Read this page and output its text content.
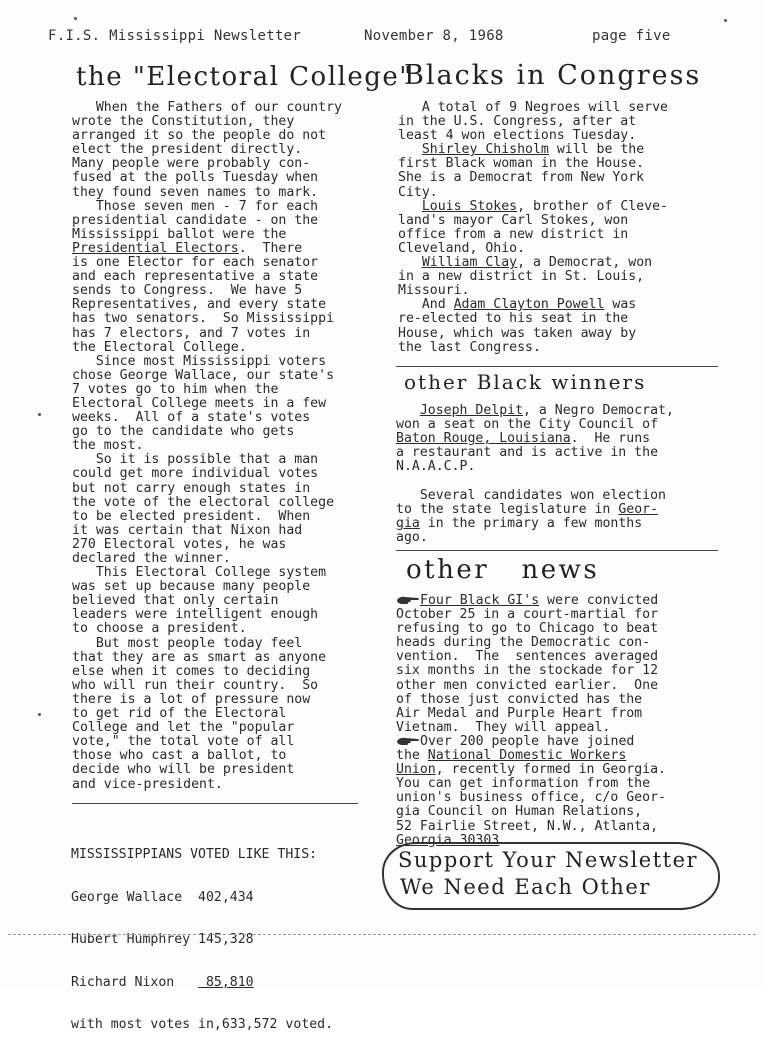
F.I.S. Mississippi Newsletter	November 8, 1968	page five
the "Electoral College"
When the Fathers of our country
wrote the Constitution, they
arranged it so the people do not
elect the president directly.
Many people were probably con-
fused at the polls Tuesday when
they found seven names to mark.
Those seven men - 7 for each
presidential candidate - on the
Mississippi ballot were the
Presidential Electors.  There
is one Elector for each senator
and each representative a state
sends to Congress.  We have 5
Representatives, and every state
has two senators.  So Mississippi
has 7 electors, and 7 votes in
the Electoral College.
Since most Mississippi voters
chose George Wallace, our state's
7 votes go to him when the
Electoral College meets in a few
weeks.  All of a state's votes
go to the candidate who gets
the most.
So it is possible that a man
could get more individual votes
but not carry enough states in
the vote of the electoral college
to be elected president.  When
it was certain that Nixon had
270 Electoral votes, he was
declared the winner.
This Electoral College system
was set up because many people
believed that only certain
leaders were intelligent enough
to choose a president.
But most people today feel
that they are as smart as anyone
else when it comes to deciding
who will run their country.  So
there is a lot of pressure now
to get rid of the Electoral
College and let the "popular
vote," the total vote of all
those who cast a ballot, to
decide who will be president
and vice-president.

MISSISSIPPIANS VOTED LIKE THIS:

George Wallace  402,434

Hubert Humphrey 145,328

Richard Nixon    85,810

with most votes in,633,572 voted.

Blacks in Congress
A total of 9 Negroes will serve
in the U.S. Congress, after at
least 4 won elections Tuesday.
Shirley Chisholm will be the
first Black woman in the House.
She is a Democrat from New York
City.
Louis Stokes, brother of Cleve-
land's mayor Carl Stokes, won
office from a new district in
Cleveland, Ohio.
William Clay, a Democrat, won
in a new district in St. Louis,
Missouri.
And Adam Clayton Powell was
re-elected to his seat in the
House, which was taken away by
the last Congress.
other Black winners
Joseph Delpit, a Negro Democrat,
won a seat on the City Council of
Baton Rouge, Louisiana.  He runs
a restaurant and is active in the
N.A.A.C.P.
Several candidates won election
to the state legislature in Geor-
gia in the primary a few months
ago.
other   news
Four Black GI's were convicted
October 25 in a court-martial for
refusing to go to Chicago to beat
heads during the Democratic con-
vention.  The  sentences averaged
six months in the stockade for 12
other men convicted earlier.  One
of those just convicted has the
Air Medal and Purple Heart from
Vietnam.  They will appeal.
Over 200 people have joined
the National Domestic Workers
Union, recently formed in Georgia.
You can get information from the
union's business office, c/o Geor-
gia Council on Human Relations,
52 Fairlie Street, N.W., Atlanta,
Georgia 30303.
Support Your Newsletter
We Need Each Other
